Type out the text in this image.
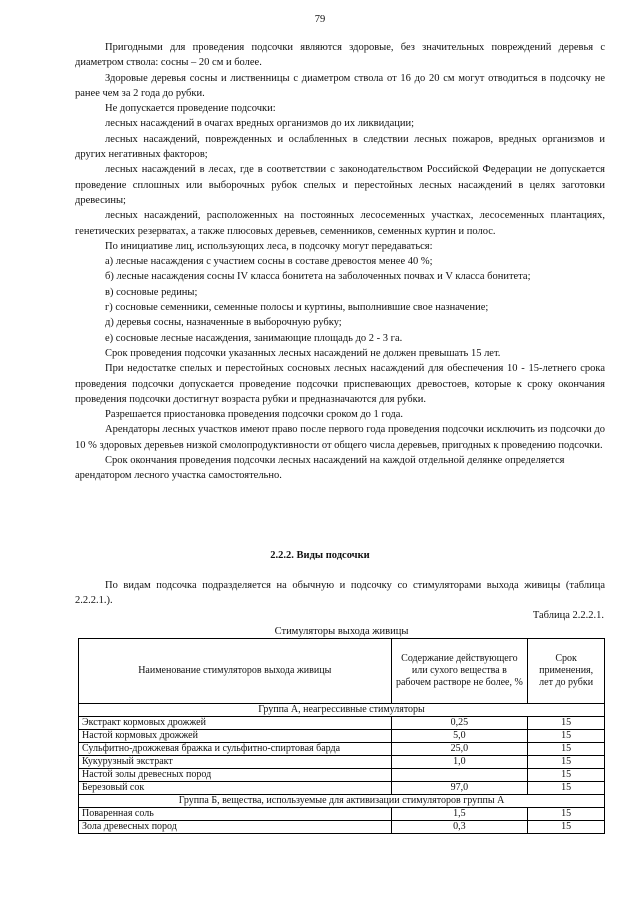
79

Пригодными для проведения подсочки являются здоровые, без значительных повреждений деревья с диаметром ствола: сосны – 20 см и более.

Здоровые деревья сосны и лиственницы с диаметром ствола от 16 до 20 см могут отводиться в подсочку не ранее чем за 2 года до рубки.

Не допускается проведение подсочки:

лесных насаждений в очагах вредных организмов до их ликвидации;

лесных насаждений, поврежденных и ослабленных в следствии лесных пожаров, вредных организмов и других негативных факторов;

лесных насаждений в лесах, где в соответствии с законодательством Российской Федерации не допускается проведение сплошных или выборочных рубок спелых и перестойных лесных насаждений в целях заготовки древесины;

лесных насаждений, расположенных на постоянных лесосеменных участках, лесосеменных плантациях, генетических резерватах, а также плюсовых деревьев, семенников, семенных куртин и полос.

По инициативе лиц, использующих леса, в подсочку могут передаваться:

а) лесные насаждения с участием сосны в составе древостоя менее 40 %;

б) лесные насаждения сосны IV класса бонитета на заболоченных почвах и V класса бонитета;

в) сосновые редины;

г) сосновые семенники, семенные полосы и куртины, выполнившие свое назначение;

д) деревья сосны, назначенные в выборочную рубку;

е) сосновые лесные насаждения, занимающие площадь до 2 - 3 га.

Срок проведения подсочки указанных лесных насаждений не должен превышать 15 лет.

При недостатке спелых и перестойных сосновых лесных насаждений для обеспечения 10 - 15-летнего срока проведения подсочки допускается проведение подсочки приспевающих древостоев, которые к сроку окончания проведения подсочки достигнут возраста рубки и предназначаются для рубки.

Разрешается приостановка проведения подсочки сроком до 1 года.

Арендаторы лесных участков имеют право после первого года проведения подсочки исключить из подсочки до 10 % здоровых деревьев низкой смолопродуктивности от общего числа деревьев, пригодных к проведению подсочки.

Срок окончания проведения подсочки лесных насаждений на каждой отдельной делянке определяется арендатором лесного участка самостоятельно.

2.2.2. Виды подсочки

По видам подсочка подразделяется на обычную и подсочку со стимуляторами выхода живицы (таблица 2.2.2.1.).

Таблица 2.2.2.1.
Стимуляторы выхода живицы
Наименование стимуляторов выхода живицы	Содержание действующего или сухого вещества в рабочем растворе не более, %	Срок применения, лет до рубки
Группа А, неагрессивные стимуляторы		
Экстракт кормовых дрожжей	0,25	15
Настой кормовых дрожжей	5,0	15
Сульфитно-дрожжевая бражка и сульфитно-спиртовая барда	25,0	15
Кукурузный экстракт	1,0	15
Настой золы древесных пород		15
Березовый сок	97,0	15
Группа Б, вещества, используемые для активизации стимуляторов группы А		
Поваренная соль	1,5	15
Зола древесных пород	0,3	15
